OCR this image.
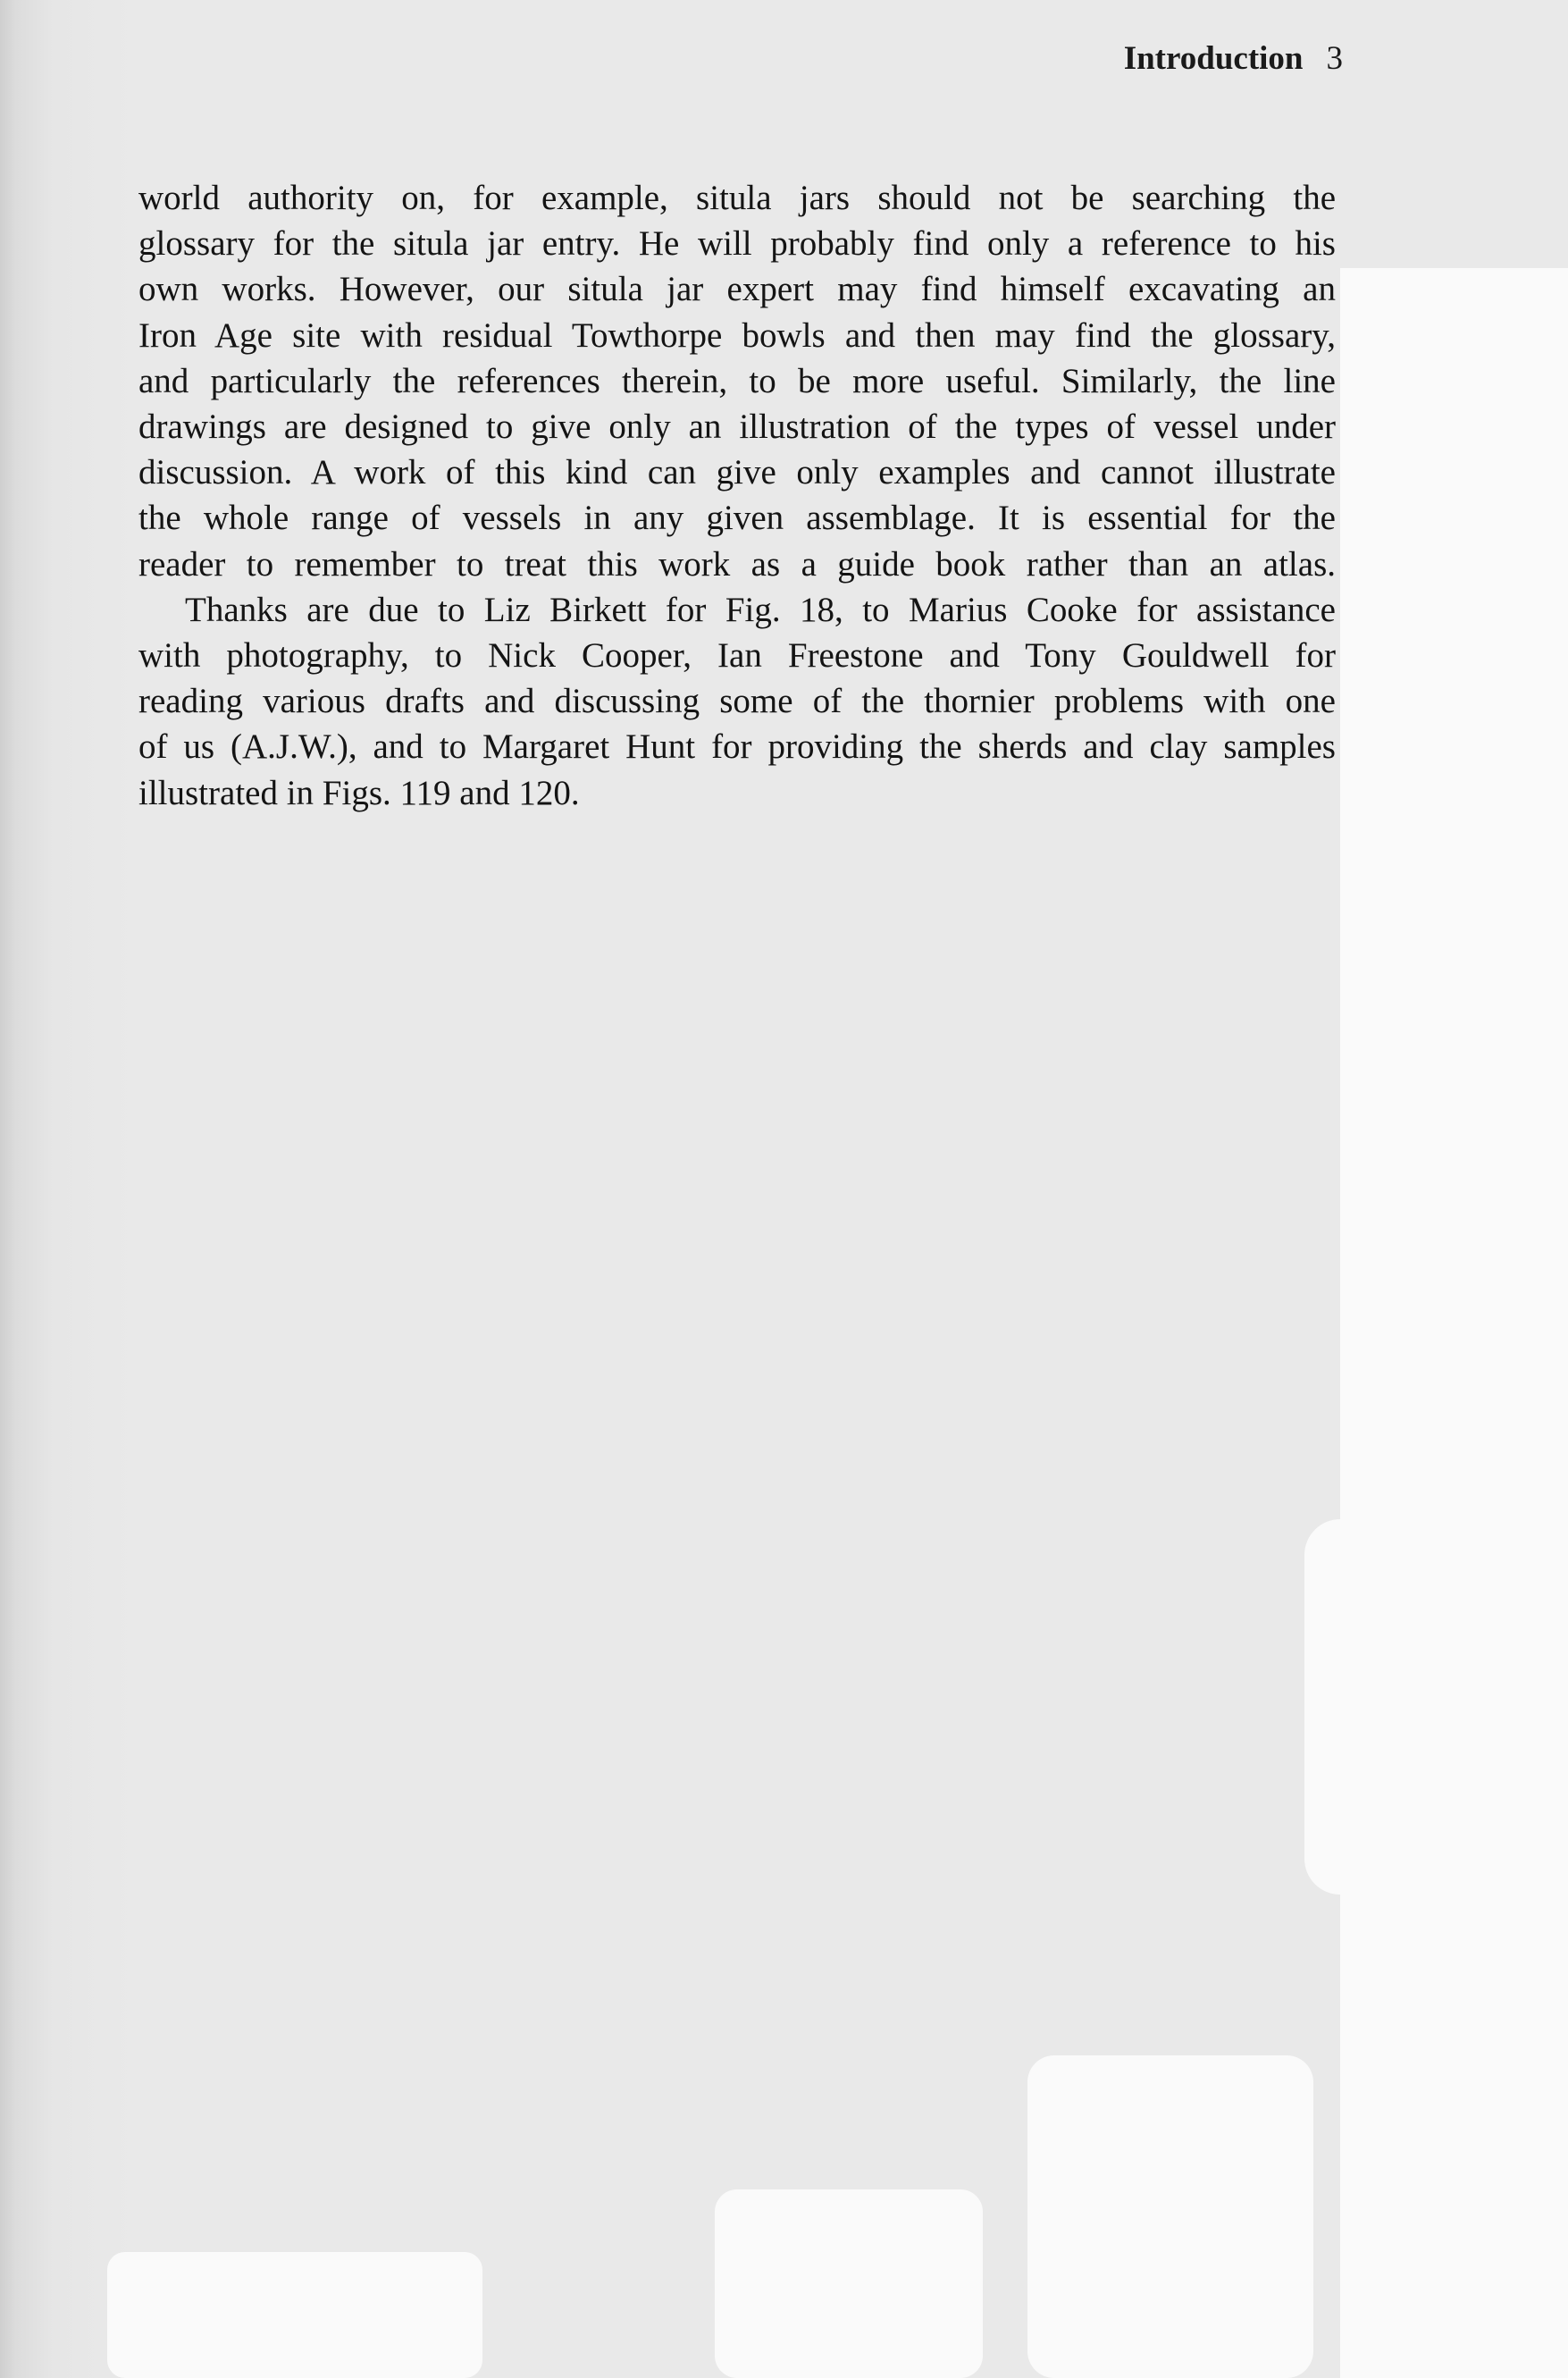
Introduction 3
world authority on, for example, situla jars should not be searching the
glossary for the situla jar entry. He will probably find only a reference to his
own works. However, our situla jar expert may find himself excavating an
Iron Age site with residual Towthorpe bowls and then may find the glossary,
and particularly the references therein, to be more useful. Similarly, the line
drawings are designed to give only an illustration of the types of vessel under
discussion. A work of this kind can give only examples and cannot illustrate
the whole range of vessels in any given assemblage. It is essential for the
reader to remember to treat this work as a guide book rather than an atlas.
Thanks are due to Liz Birkett for Fig. 18, to Marius Cooke for assistance
with photography, to Nick Cooper, Ian Freestone and Tony Gouldwell for
reading various drafts and discussing some of the thornier problems with one
of us (A.J.W.), and to Margaret Hunt for providing the sherds and clay samples
illustrated in Figs. 119 and 120.
